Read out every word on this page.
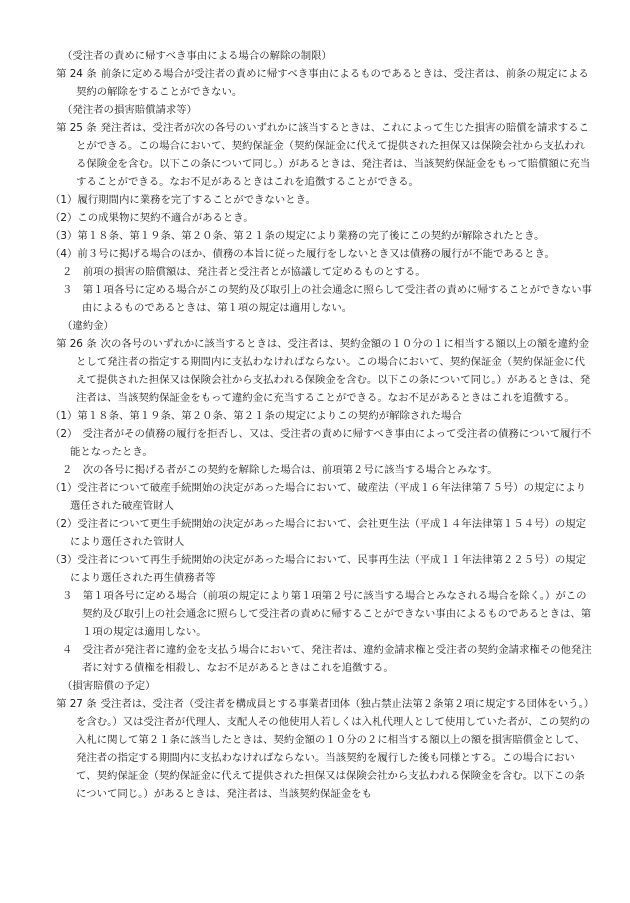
（受注者の責めに帰すべき事由による場合の解除の制限）
第 24 条 前条に定める場合が受注者の責めに帰すべき事由によるものであるときは、受注者は、前条の規定による契約の解除をすることができない。
（発注者の損害賠償請求等）
第 25 条 発注者は、受注者が次の各号のいずれかに該当するときは、これによって生じた損害の賠償を請求することができる。この場合において、契約保証金（契約保証金に代えて提供された担保又は保険会社から支払われる保険金を含む。以下この条について同じ。）があるときは、発注者は、当該契約保証金をもって賠償額に充当することができる。なお不足があるときはこれを追徴することができる。
（1）履行期間内に業務を完了することができないとき。
（2）この成果物に契約不適合があるとき。
（3）第１８条、第１９条、第２０条、第２１条の規定により業務の完了後にこの契約が解除されたとき。
（4）前３号に掲げる場合のほか、債務の本旨に従った履行をしないとき又は債務の履行が不能であるとき。
２　前項の損害の賠償額は、発注者と受注者とが協議して定めるものとする。
３　第１項各号に定める場合がこの契約及び取引上の社会通念に照らして受注者の責めに帰することができない事由によるものであるときは、第１項の規定は適用しない。
（違約金）
第 26 条 次の各号のいずれかに該当するときは、受注者は、契約金額の１０分の１に相当する額以上の額を違約金として発注者の指定する期間内に支払わなければならない。この場合において、契約保証金（契約保証金に代えて提供された担保又は保険会社から支払われる保険金を含む。以下この条について同じ。）があるときは、発注者は、当該契約保証金をもって違約金に充当することができる。なお不足があるときはこれを追徴する。
（1）第１８条、第１９条、第２０条、第２１条の規定によりこの契約が解除された場合
（2）　受注者がその債務の履行を拒否し、又は、受注者の責めに帰すべき事由によって受注者の債務について履行不能となったとき。
２　次の各号に掲げる者がこの契約を解除した場合は、前項第２号に該当する場合とみなす。
（1）受注者について破産手続開始の決定があった場合において、破産法（平成１６年法律第７５号）の規定により選任された破産管財人
（2）受注者について更生手続開始の決定があった場合において、会社更生法（平成１４年法律第１５４号）の規定により選任された管財人
（3）受注者について再生手続開始の決定があった場合において、民事再生法（平成１１年法律第２２５号）の規定により選任された再生債務者等
３　第１項各号に定める場合（前項の規定により第１項第２号に該当する場合とみなされる場合を除く。）がこの契約及び取引上の社会通念に照らして受注者の責めに帰することができない事由によるものであるときは、第１項の規定は適用しない。
４　受注者が発注者に違約金を支払う場合において、発注者は、違約金請求権と受注者の契約金請求権その他発注者に対する債権を相殺し、なお不足があるときはこれを追徴する。
（損害賠償の予定）
第 27 条 受注者は、受注者（受注者を構成員とする事業者団体（独占禁止法第２条第２項に規定する団体をいう。）を含む。）又は受注者が代理人、支配人その他使用人若しくは入札代理人として使用していた者が、この契約の入札に関して第２１条に該当したときは、契約金額の１０分の２に相当する額以上の額を損害賠償金として、発注者の指定する期間内に支払わなければならない。当該契約を履行した後も同様とする。この場合において、契約保証金（契約保証金に代えて提供された担保又は保険会社から支払われる保険金を含む。以下この条について同じ。）があるときは、発注者は、当該契約保証金をも
